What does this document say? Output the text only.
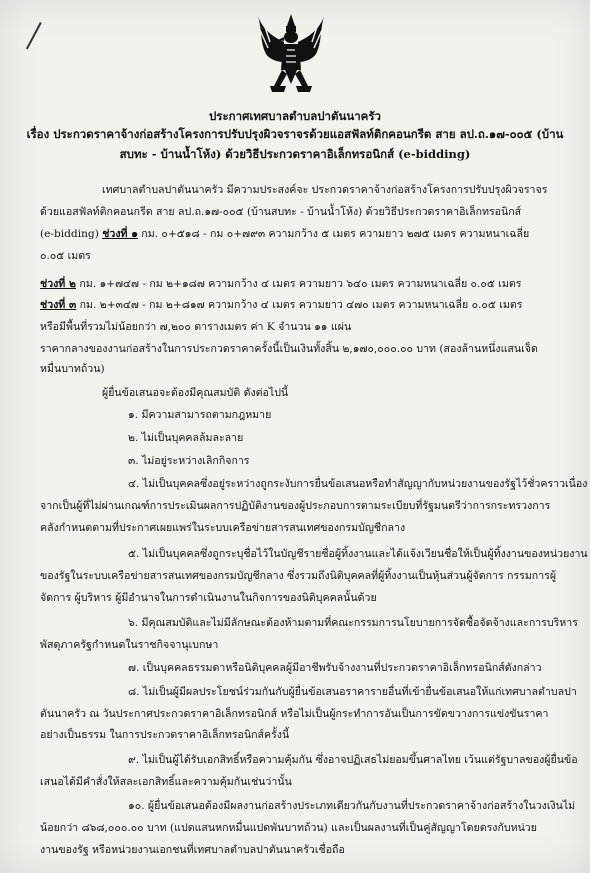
ประกาศเทศบาลตำบลปาตันนาครัว
เรื่อง ประกวดราคาจ้างก่อสร้างโครงการปรับปรุงผิวจราจรด้วยแอสฟัลท์ติกคอนกรีต สาย ลป.ถ.๑๗-๐๐๕ (บ้าน
สบทะ - บ้านน้ำโห้ง) ด้วยวิธีประกวดราคาอิเล็กทรอนิกส์ (e-bidding)
เทศบาลตำบลปาตันนาครัว มีความประสงค์จะ ประกวดราคาจ้างก่อสร้างโครงการปรับปรุงผิวจราจร
ด้วยแอสฟัลท์ติกคอนกรีต สาย ลป.ถ.๑๗-๐๐๕ (บ้านสบทะ - บ้านน้ำโห้ง) ด้วยวิธีประกวดราคาอิเล็กทรอนิกส์
(e-bidding) ช่วงที่ ๑ กม. ๐+๕๑๘ - กม ๐+๗๙๓ ความกว้าง ๕ เมตร ความยาว ๒๗๕ เมตร ความหนาเฉลี่ย
๐.๐๕ เมตร
ช่วงที่ ๒ กม. ๑+๗๔๗ - กม ๒+๑๘๗ ความกว้าง ๔ เมตร ความยาว ๖๔๐ เมตร ความหนาเฉลี่ย ๐.๐๕ เมตร
ช่วงที่ ๓ กม. ๒+๓๔๗ - กม ๒+๘๑๗ ความกว้าง ๔ เมตร ความยาว ๔๗๐ เมตร ความหนาเฉลี่ย ๐.๐๕ เมตร
หรือมีพื้นที่รวมไม่น้อยกว่า ๗,๒๐๐ ตารางเมตร ค่า K จำนวน ๑๑ แผ่น
ราคากลางของงานก่อสร้างในการประกวดราคาครั้งนี้เป็นเงินทั้งสิ้น ๒,๑๗๐,๐๐๐.๐๐ บาท (สองล้านหนึ่งแสนเจ็ด
หมื่นบาทถ้วน)
ผู้ยื่นข้อเสนอจะต้องมีคุณสมบัติ ดังต่อไปนี้
๑. มีความสามารถตามกฎหมาย
๒. ไม่เป็นบุคคลล้มละลาย
๓. ไม่อยู่ระหว่างเลิกกิจการ
๔. ไม่เป็นบุคคลซึ่งอยู่ระหว่างถูกระงับการยื่นข้อเสนอหรือทำสัญญากับหน่วยงานของรัฐไว้ชั่วคราวเนื่อง
จากเป็นผู้ที่ไม่ผ่านเกณฑ์การประเมินผลการปฏิบัติงานของผู้ประกอบการตามระเบียบที่รัฐมนตรีว่าการกระทรวงการ
คลังกำหนดตามที่ประกาศเผยแพร่ในระบบเครือข่ายสารสนเทศของกรมบัญชีกลาง
๕. ไม่เป็นบุคคลซึ่งถูกระบุชื่อไว้ในบัญชีรายชื่อผู้ทิ้งงานและได้แจ้งเวียนชื่อให้เป็นผู้ทิ้งงานของหน่วยงาน
ของรัฐในระบบเครือข่ายสารสนเทศของกรมบัญชีกลาง ซึ่งรวมถึงนิติบุคคลที่ผู้ทิ้งงานเป็นหุ้นส่วนผู้จัดการ กรรมการผู้
จัดการ ผู้บริหาร ผู้มีอำนาจในการดำเนินงานในกิจการของนิติบุคคลนั้นด้วย
๖. มีคุณสมบัติและไม่มีลักษณะต้องห้ามตามที่คณะกรรมการนโยบายการจัดซื้อจัดจ้างและการบริหาร
พัสดุภาครัฐกำหนดในราชกิจจานุเบกษา
๗. เป็นบุคคลธรรมดาหรือนิติบุคคลผู้มีอาชีพรับจ้างงานที่ประกวดราคาอิเล็กทรอนิกส์ดังกล่าว
๘. ไม่เป็นผู้มีผลประโยชน์ร่วมกันกับผู้ยื่นข้อเสนอราคารายอื่นที่เข้ายื่นข้อเสนอให้แก่เทศบาลตำบลปา
ตันนาครัว ณ วันประกาศประกวดราคาอิเล็กทรอนิกส์ หรือไม่เป็นผู้กระทำการอันเป็นการขัดขวางการแข่งขันราคา
อย่างเป็นธรรม ในการประกวดราคาอิเล็กทรอนิกส์ครั้งนี้
๙. ไม่เป็นผู้ได้รับเอกสิทธิ์หรือความคุ้มกัน ซึ่งอาจปฏิเสธไม่ยอมขึ้นศาลไทย เว้นแต่รัฐบาลของผู้ยื่นข้อ
เสนอได้มีคำสั่งให้สละเอกสิทธิ์และความคุ้มกันเช่นว่านั้น
๑๐. ผู้ยื่นข้อเสนอต้องมีผลงานก่อสร้างประเภทเดียวกันกับงานที่ประกวดราคาจ้างก่อสร้างในวงเงินไม่
น้อยกว่า ๘๖๘,๐๐๐.๐๐ บาท (แปดแสนหกหมื่นแปดพันบาทถ้วน) และเป็นผลงานที่เป็นคู่สัญญาโดยตรงกับหน่วย
งานของรัฐ หรือหน่วยงานเอกชนที่เทศบาลตำบลปาตันนาครัวเชื่อถือ
